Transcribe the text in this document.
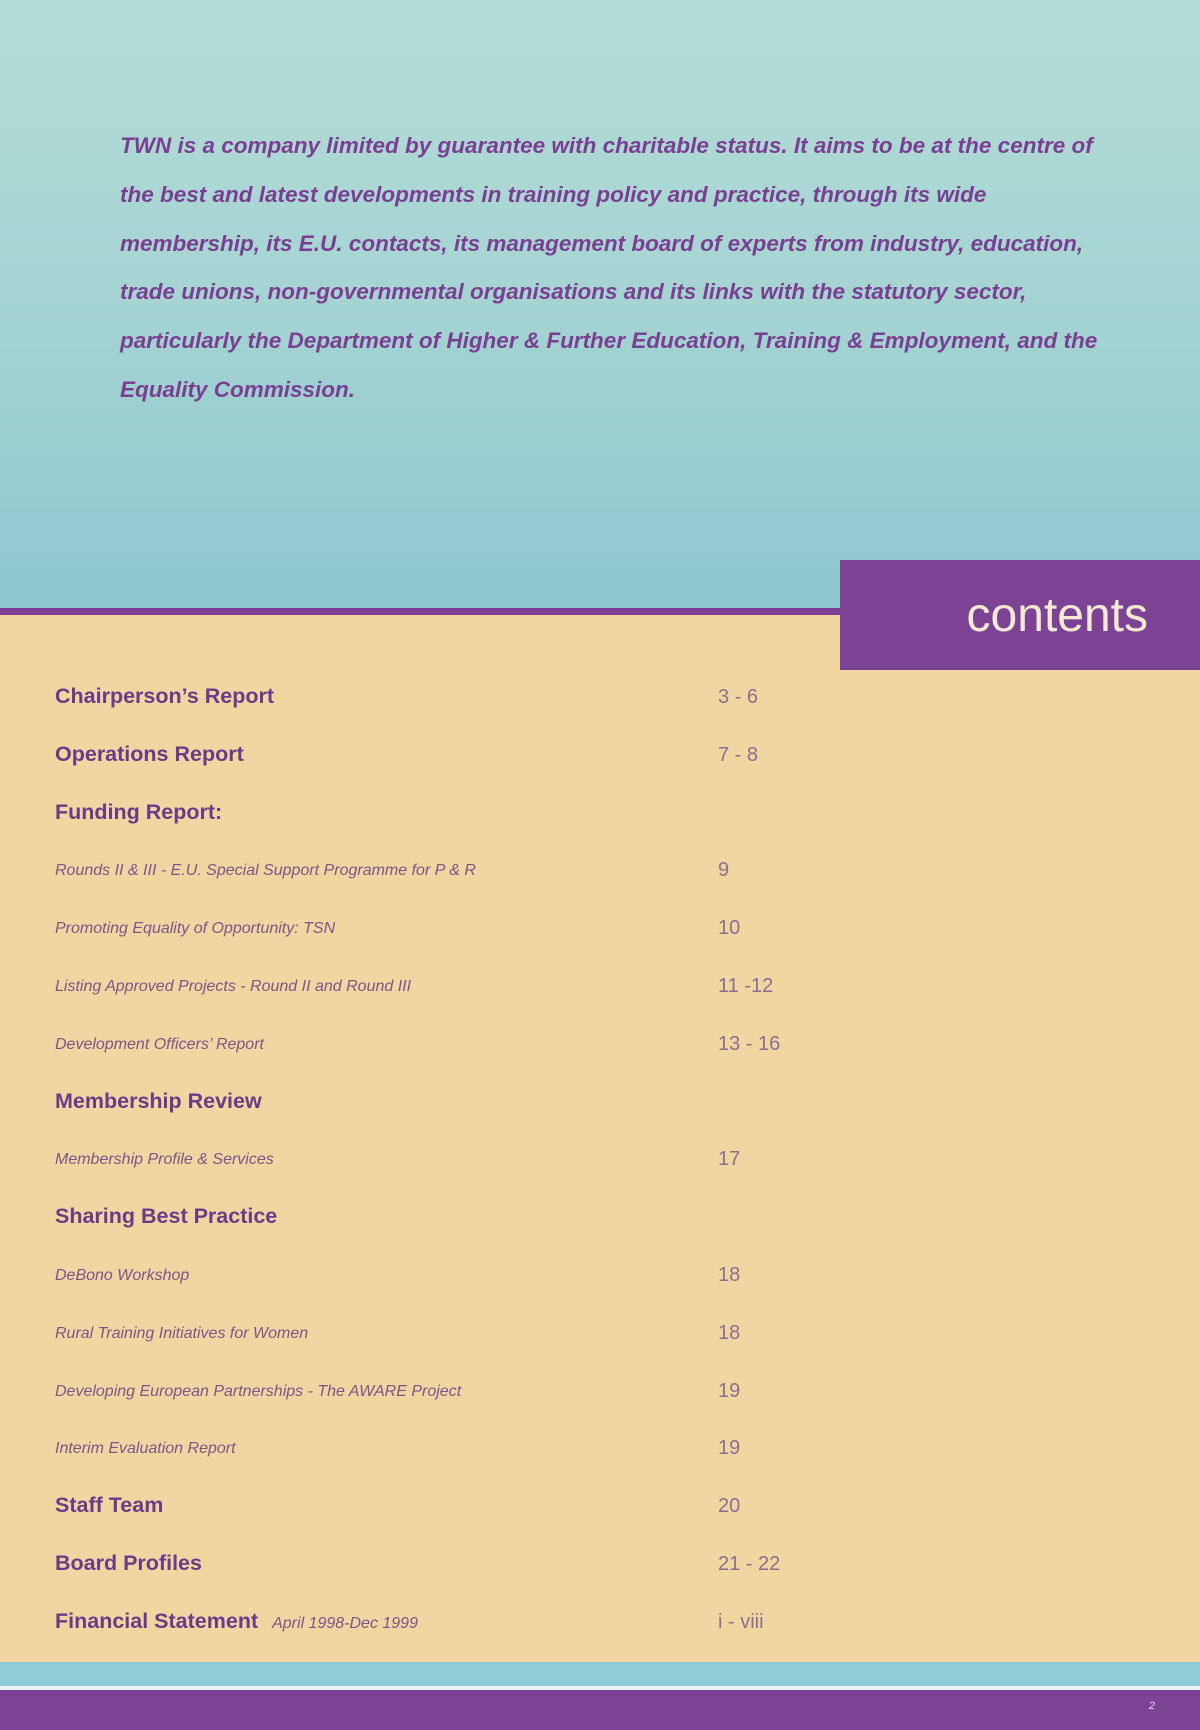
TWN is a company limited by guarantee with charitable status. It aims to be at the centre of the best and latest developments in training policy and practice, through its wide membership, its E.U. contacts, its management board of experts from industry, education, trade unions, non-governmental organisations and its links with the statutory sector, particularly the Department of Higher & Further Education, Training & Employment, and the Equality Commission.

contents
Chairperson’s Report	3 - 6
Operations Report	7 - 8
Funding Report:
Rounds II & III - E.U. Special Support Programme for P & R	9
Promoting Equality of Opportunity: TSN	10
Listing Approved Projects - Round II and Round III	11 -12
Development Officers’ Report	13 - 16
Membership Review
Membership Profile & Services	17
Sharing Best Practice
DeBono Workshop	18
Rural Training Initiatives for Women	18
Developing European Partnerships - The AWARE Project	19
Interim Evaluation Report	19
Staff Team	20
Board Profiles	21 - 22
Financial Statement April 1998-Dec 1999	i - viii
2
